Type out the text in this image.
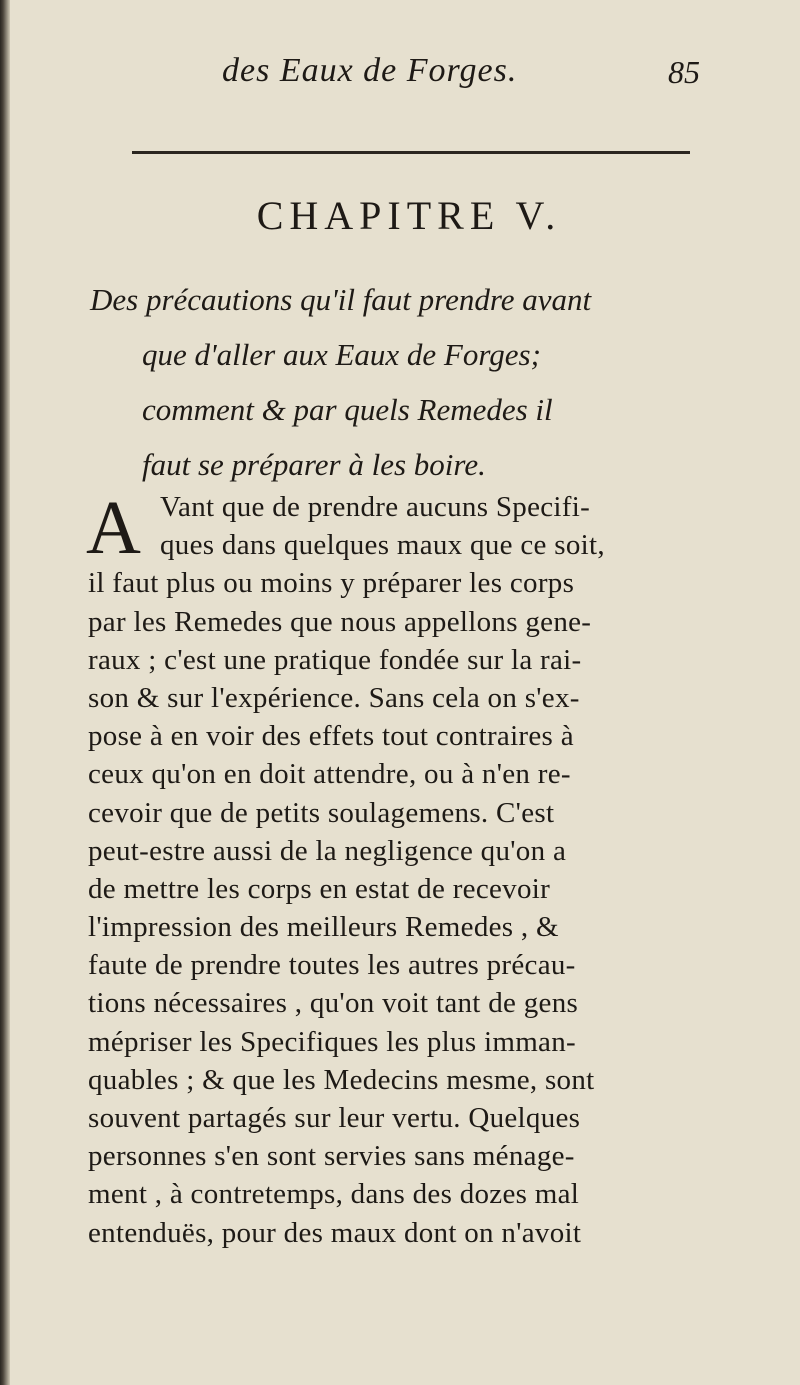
des Eaux de Forges.	85
CHAPITRE V.
Des précautions qu'il faut prendre avant
que d'aller aux Eaux de Forges;
comment & par quels Remedes il
faut se préparer à les boire.
A Vant que de prendre aucuns Specifi-
ques dans quelques maux que ce soit,
il faut plus ou moins y préparer les corps
par les Remedes que nous appellons gene-
raux ; c'est une pratique fondée sur la rai-
son & sur l'expérience. Sans cela on s'ex-
pose à en voir des effets tout contraires à
ceux qu'on en doit attendre, ou à n'en re-
cevoir que de petits soulagemens. C'est
peut-estre aussi de la negligence qu'on a
de mettre les corps en estat de recevoir
l'impression des meilleurs Remedes , &
faute de prendre toutes les autres précau-
tions nécessaires , qu'on voit tant de gens
mépriser les Specifiques les plus imman-
quables ; & que les Medecins mesme, sont
souvent partagés sur leur vertu. Quelques
personnes s'en sont servies sans ménage-
ment , à contretemps, dans des dozes mal
entenduës, pour des maux dont on n'avoit
